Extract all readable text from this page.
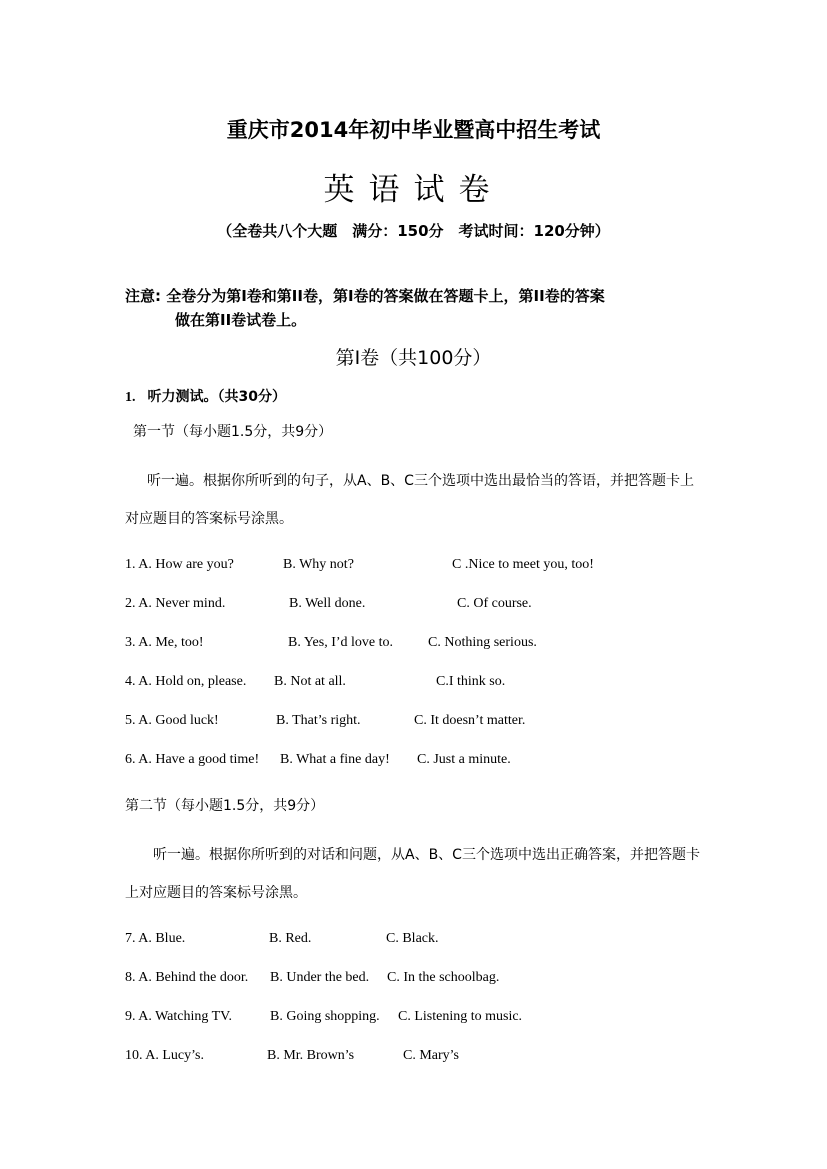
重庆市2014年初中毕业暨高中招生考试
英语试卷
（全卷共八个大题　满分：150分　考试时间：120分钟）
注意: 全卷分为第I卷和第II卷，第I卷的答案做在答题卡上，第II卷的答案
做在第II卷试卷上。
第Ⅰ卷（共100分）
1. 听力测试。（共30分）
第一节（每小题1.5分，共9分）
听一遍。根据你所听到的句子，从A、B、C三个选项中选出最恰当的答语，并把答题卡上对应题目的答案标号涂黑。
1. A. How are you?	B. Why not?	C .Nice to meet you, too!
2. A. Never mind.	B. Well done.	C. Of course.
3. A. Me, too!	B. Yes, I’d love to. C. Nothing serious.
4. A. Hold on, please. B. Not at all.	C.I think so.
5. A. Good luck!	B. That’s right.	C. It doesn’t matter.
6. A. Have a good time! B. What a fine day! C. Just a minute.
第二节（每小题1.5分，共9分）
听一遍。根据你所听到的对话和问题，从A、B、C三个选项中选出正确答案，并把答题卡上对应题目的答案标号涂黑。
7. A. Blue.	B. Red.	C. Black.
8. A. Behind the door. B. Under the bed. C. In the schoolbag.
9. A. Watching TV.	B. Going shopping. C. Listening to music.
10. A. Lucy’s.	B. Mr. Brown’s	C. Mary’s
